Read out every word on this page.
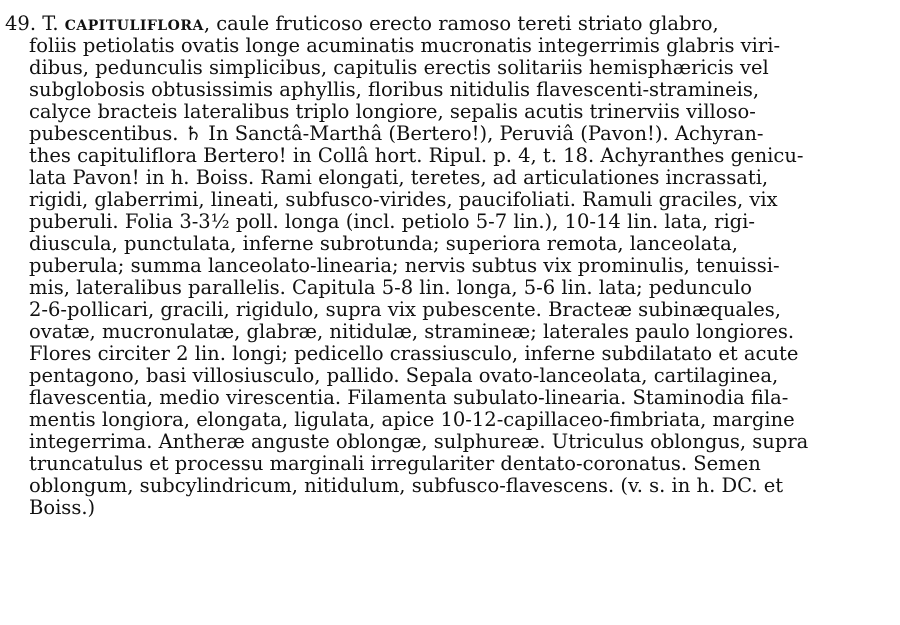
49. T. capituliflora, caule fruticoso erecto ramoso tereti striato glabro,
foliis petiolatis ovatis longe acuminatis mucronatis integerrimis glabris viri-
dibus, pedunculis simplicibus, capitulis erectis solitariis hemisphæricis vel
subglobosis obtusissimis aphyllis, floribus nitidulis flavescenti-stramineis,
calyce bracteis lateralibus triplo longiore, sepalis acutis trinerviis villoso-
pubescentibus. ♄ In Sanctâ-Marthâ (Bertero!), Peruviâ (Pavon!). Achyran-
thes capituliflora Bertero! in Collâ hort. Ripul. p. 4, t. 18. Achyranthes genicu-
lata Pavon! in h. Boiss. Rami elongati, teretes, ad articulationes incrassati,
rigidi, glaberrimi, lineati, subfusco-virides, paucifoliati. Ramuli graciles, vix
puberuli. Folia 3-3½ poll. longa (incl. petiolo 5-7 lin.), 10-14 lin. lata, rigi-
diuscula, punctulata, inferne subrotunda; superiora remota, lanceolata,
puberula; summa lanceolato-linearia; nervis subtus vix prominulis, tenuissi-
mis, lateralibus parallelis. Capitula 5-8 lin. longa, 5-6 lin. lata; pedunculo
2-6-pollicari, gracili, rigidulo, supra vix pubescente. Bracteæ subinæquales,
ovatæ, mucronulatæ, glabræ, nitidulæ, stramineæ; laterales paulo longiores.
Flores circiter 2 lin. longi; pedicello crassiusculo, inferne subdilatato et acute
pentagono, basi villosiusculo, pallido. Sepala ovato-lanceolata, cartilaginea,
flavescentia, medio virescentia. Filamenta subulato-linearia. Staminodia fila-
mentis longiora, elongata, ligulata, apice 10-12-capillaceo-fimbriata, margine
integerrima. Antheræ anguste oblongæ, sulphureæ. Utriculus oblongus, supra
truncatulus et processu marginali irregulariter dentato-coronatus. Semen
oblongum, subcylindricum, nitidulum, subfusco-flavescens. (v. s. in h. DC. et
Boiss.)
